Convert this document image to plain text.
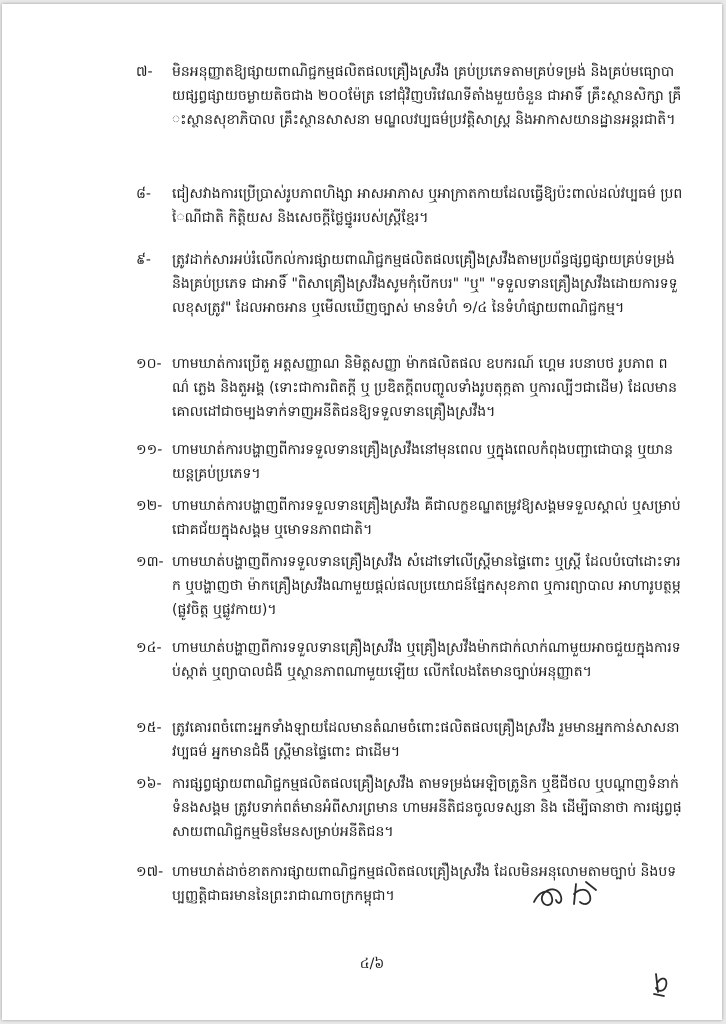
៧-	មិនអនុញ្ញាតឱ្យផ្សាយពាណិជ្ជកម្មផលិតផលគ្រឿងស្រវឹង គ្រប់ប្រភេទតាមគ្រប់ទម្រង់ និងគ្រប់មធ្យោបាយផ្សព្វផ្សាយចម្ងាយតិចជាង ២០០ម៉ែត្រ នៅជុំវិញបរិវេណទីតាំងមួយចំនួន ជាអាទិ៍ គ្រឹះស្ថានសិក្សា គ្រឹះស្ថានសុខាភិបាល គ្រឹះស្ថានសាសនា មណ្ឌលវប្បធម៌ប្រវត្តិសាស្ត្រ និងអាកាសយានដ្ឋានអន្តរជាតិ។
៨-	ជៀសវាងការប្រើប្រាស់រូបភាពហិង្សា អាសអាភាស ឬអាក្រាតកាយដែលធ្វើឱ្យប៉ះពាល់ដល់វប្បធម៌ ប្រពៃណីជាតិ កិត្តិយស និងសេចក្តីថ្លៃថ្នូររបស់ស្ត្រីខ្មែរ។
៩-	ត្រូវដាក់សារអប់រំលើកល់ការផ្សាយពាណិជ្ជកម្មផលិតផលគ្រឿងស្រវឹងតាមប្រព័ន្ធផ្សព្វផ្សាយគ្រប់ទម្រង់ និងគ្រប់ប្រភេទ ជាអាទិ៍ "ពិសាគ្រឿងស្រវឹងសូមកុំបើកបរ" "ឬ" "ទទួលទានគ្រឿងស្រវឹងដោយការទទួលខុសត្រូវ" ដែលអាចអាន ឬមើលឃើញច្បាស់ មានទំហំ ១/៤ នៃទំហំផ្សាយពាណិជ្ជកម្ម។
១០- ហាមឃាត់ការប្រើតួ អត្តសញ្ញាណ និមិត្តសញ្ញា ម៉ាកផលិតផល ឧបករណ៍ ហ្គេម របនាបថ រូបភាព ពណ៌ ភ្លេង និងតួអង្គ (ទោះជាការពិតក្តី ឬ ប្រឌិតក្តីពបញ្ចូលទាំងរូបតុក្កតា ឬការល្បីៗជាដើម) ដែលមានគោលដៅជាចម្បងទាក់ទាញអនីតិជនឱ្យទទួលទានគ្រឿងស្រវឹង។
១១- ហាមឃាត់ការបង្ហាញពីការទទួលទានគ្រឿងស្រវឹងនៅមុនពេល ឬក្នុងពេលកំពុងបញ្ជាជោបាន្ត ឬយានយន្តគ្រប់ប្រភេទ។
១២- ហាមឃាត់ការបង្ហាញពីការទទួលទានគ្រឿងស្រវឹង គឺជាលក្ខខណ្ឌតម្រូវឱ្យសង្គមទទួលស្គាល់ ឬសម្រាប់ជោគជ័យក្នុងសង្គម ឬមោទនភាពជាតិ។
១៣- ហាមឃាត់បង្ហាញពីការទទួលទានគ្រឿងស្រវឹង សំដៅទៅលើស្ត្រីមានផ្ទៃពោះ ឬស្ត្រី ដែលបំបៅដោះទារក ឬបង្ហាញថា ម៉ាកគ្រឿងស្រវឹងណាមួយផ្តល់ផលប្រយោជន៍ផ្នែកសុខភាព ឬការព្យាបាល អាហារូបត្ថម្ភ (ផ្លូវចិត្ត ឬផ្លូវកាយ)។
១៤- ហាមឃាត់បង្ហាញពីការទទួលទានគ្រឿងស្រវឹង ឬគ្រឿងស្រវឹងម៉ាកជាក់លាក់ណាមួយអាចជួយក្នុងការទប់ស្កាត់ ឬព្យាបាលជំងឺ ឬស្ថានភាពណាមួយឡើយ លើកលែងតែមានច្បាប់អនុញ្ញាត។
១៥- ត្រូវគោរពចំពោះអ្នកទាំងឡាយដែលមានតំណមចំពោះផលិតផលគ្រឿងស្រវឹង រួមមានអ្នកកាន់សាសនា វប្បធម៌ អ្នកមានជំងឺ ស្ត្រីមានផ្ទៃពោះ ជាដើម។
១៦- ការផ្សព្វផ្សាយពាណិជ្ជកម្មផលិតផលគ្រឿងស្រវឹង តាមទម្រង់អេឡិចត្រូនិក ឬឌីជីថល ឬបណ្តាញទំនាក់ទំនងសង្គម ត្រូវបទាក់ពត៌មានអំពីសារព្រមាន ហាមអនីតិជនចូលទស្សនា និង ដើម្បីធានាថា ការផ្សព្វផ្សាយពាណិជ្ជកម្មមិនមែនសម្រាប់អនីតិជន។
១៧- ហាមឃាត់ដាច់ខាតការផ្សាយពាណិជ្ជកម្មផលិតផលគ្រឿងស្រវឹង ដែលមិនអនុលោមតាមច្បាប់ និងបទប្បញ្ញត្តិជាធរមាននៃព្រះរាជាណាចក្រកម្ពុជា។
៤/៦
